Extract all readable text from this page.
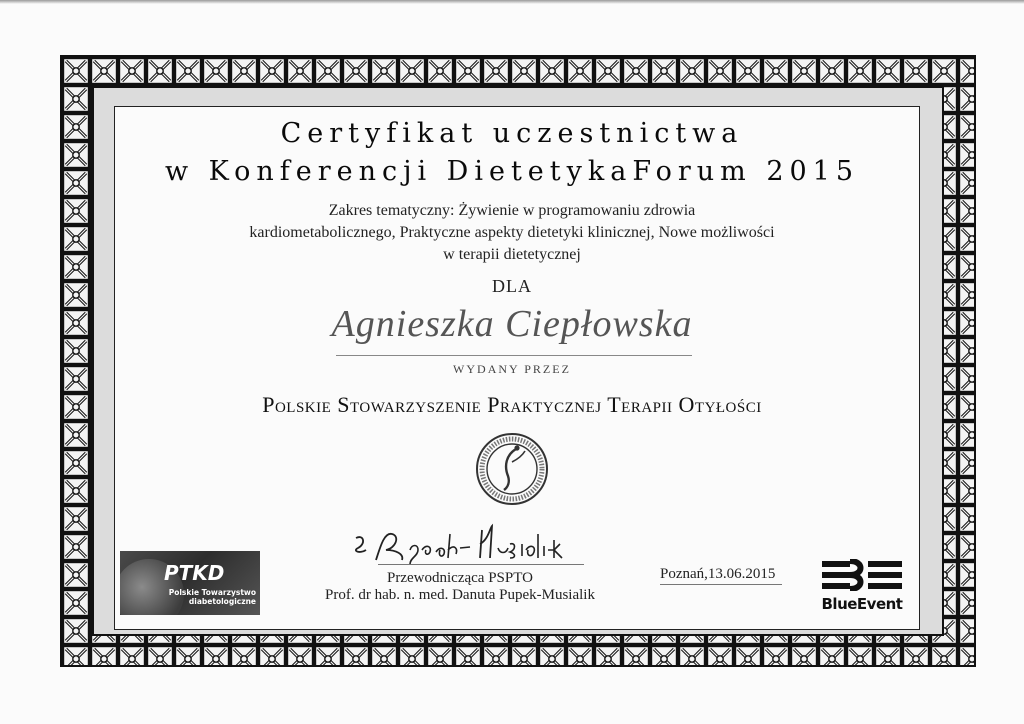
Certyfikat uczestnictwa
w Konferencji DietetykaForum 2015
Zakres tematyczny: Żywienie w programowaniu zdrowia
kardiometabolicznego, Praktyczne aspekty dietetyki klinicznej, Nowe możliwości
w terapii dietetycznej
DLA
Agnieszka Ciepłowska
WYDANY PRZEZ
Polskie Stowarzyszenie Praktycznej Terapii Otyłości
Przewodnicząca PSPTO
Prof. dr hab. n. med. Danuta Pupek-Musialik
Poznań,13.06.2015
PTKD
Polskie Towarzystwo
diabetologiczne	BlueEvent
